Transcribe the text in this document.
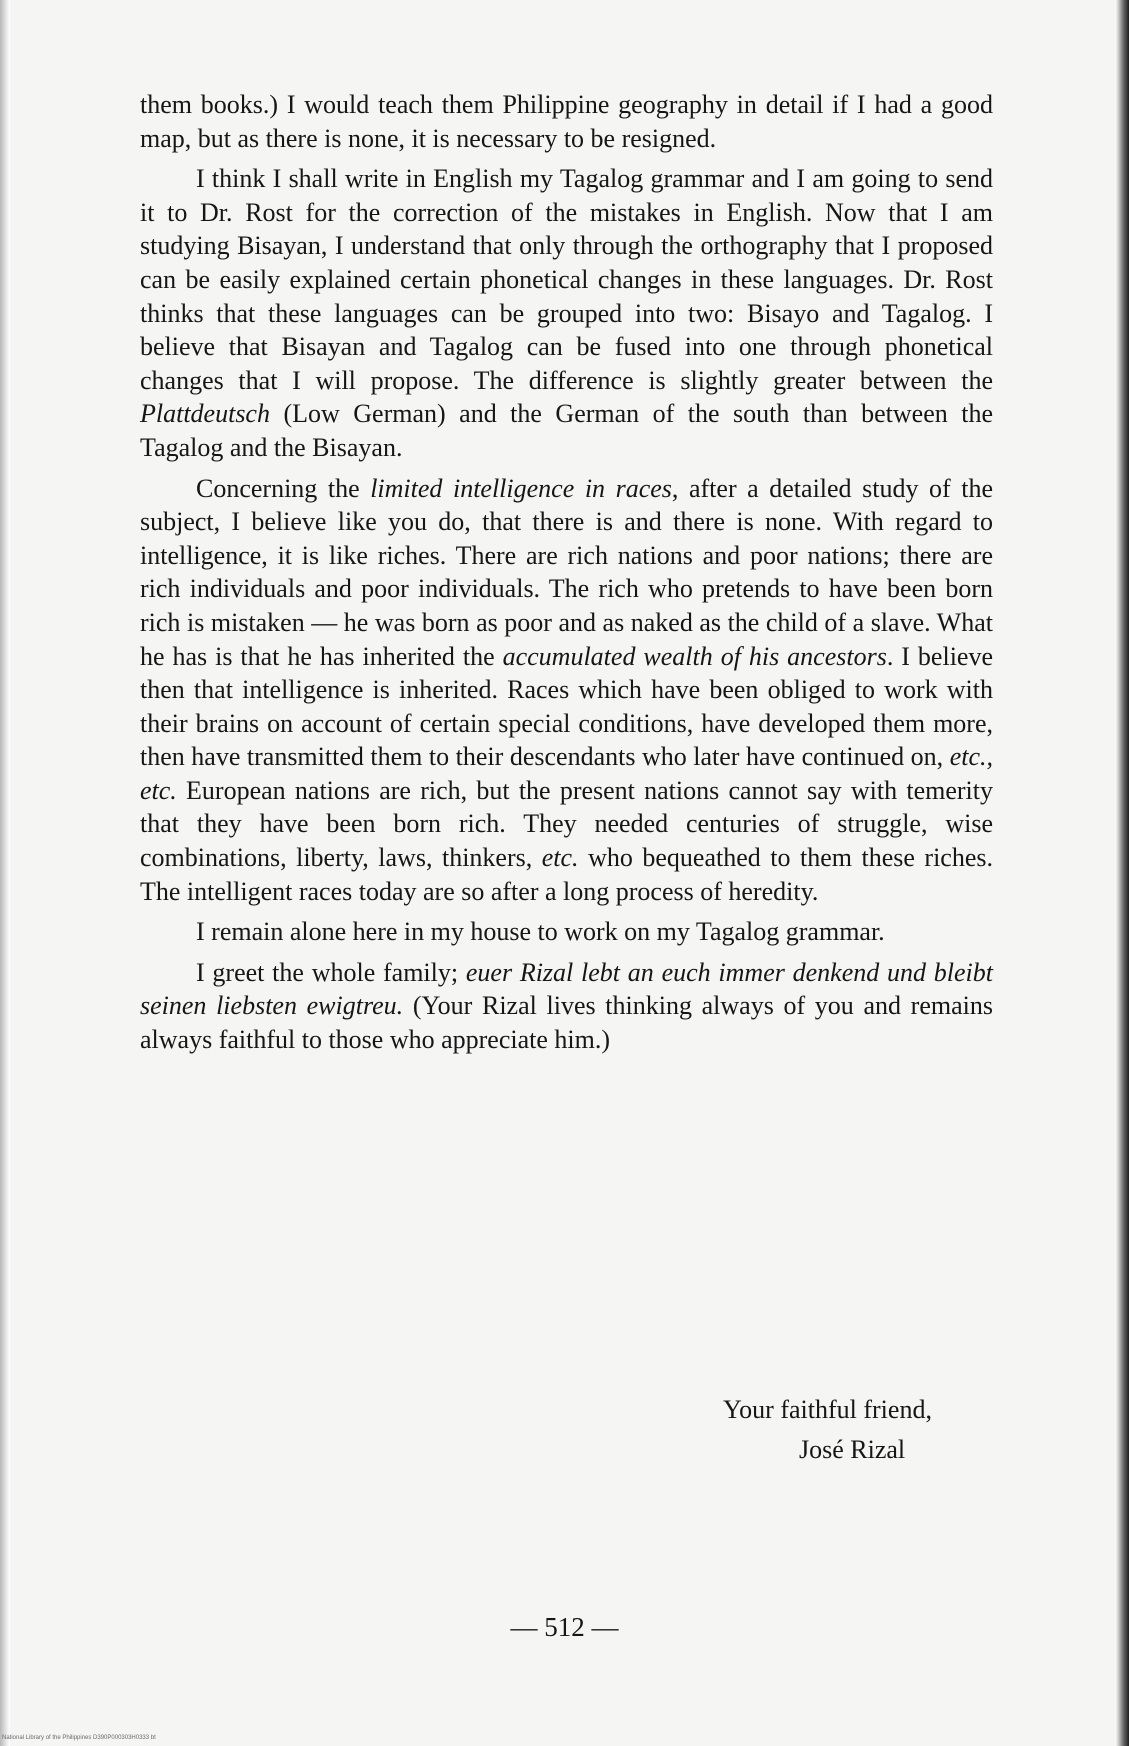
them books.) I would teach them Philippine geography in detail if I had a good map, but as there is none, it is necessary to be resigned.

I think I shall write in English my Tagalog grammar and I am going to send it to Dr. Rost for the correction of the mistakes in English. Now that I am studying Bisayan, I understand that only through the orthography that I proposed can be easily explained certain phonetical changes in these languages. Dr. Rost thinks that these languages can be grouped into two: Bisayo and Tagalog. I believe that Bisayan and Tagalog can be fused into one through phonetical changes that I will propose. The difference is slightly greater between the Plattdeutsch (Low German) and the German of the south than between the Tagalog and the Bisayan.

Concerning the limited intelligence in races, after a detailed study of the subject, I believe like you do, that there is and there is none. With regard to intelligence, it is like riches. There are rich nations and poor nations; there are rich individuals and poor individuals. The rich who pretends to have been born rich is mistaken — he was born as poor and as naked as the child of a slave. What he has is that he has inherited the accumulated wealth of his ancestors. I believe then that intelligence is inherited. Races which have been obliged to work with their brains on account of certain special conditions, have developed them more, then have transmitted them to their descendants who later have continued on, etc., etc. European nations are rich, but the present nations cannot say with temerity that they have been born rich. They needed centuries of struggle, wise combinations, liberty, laws, thinkers, etc. who bequeathed to them these riches. The intelligent races today are so after a long process of heredity.

I remain alone here in my house to work on my Tagalog grammar.

I greet the whole family; euer Rizal lebt an euch immer denkend und bleibt seinen liebsten ewigtreu. (Your Rizal lives thinking always of you and remains always faithful to those who appreciate him.)

Your faithful friend,
José Rizal
— 512 —
National Library of the Philippines D390P000303H0333 bt
